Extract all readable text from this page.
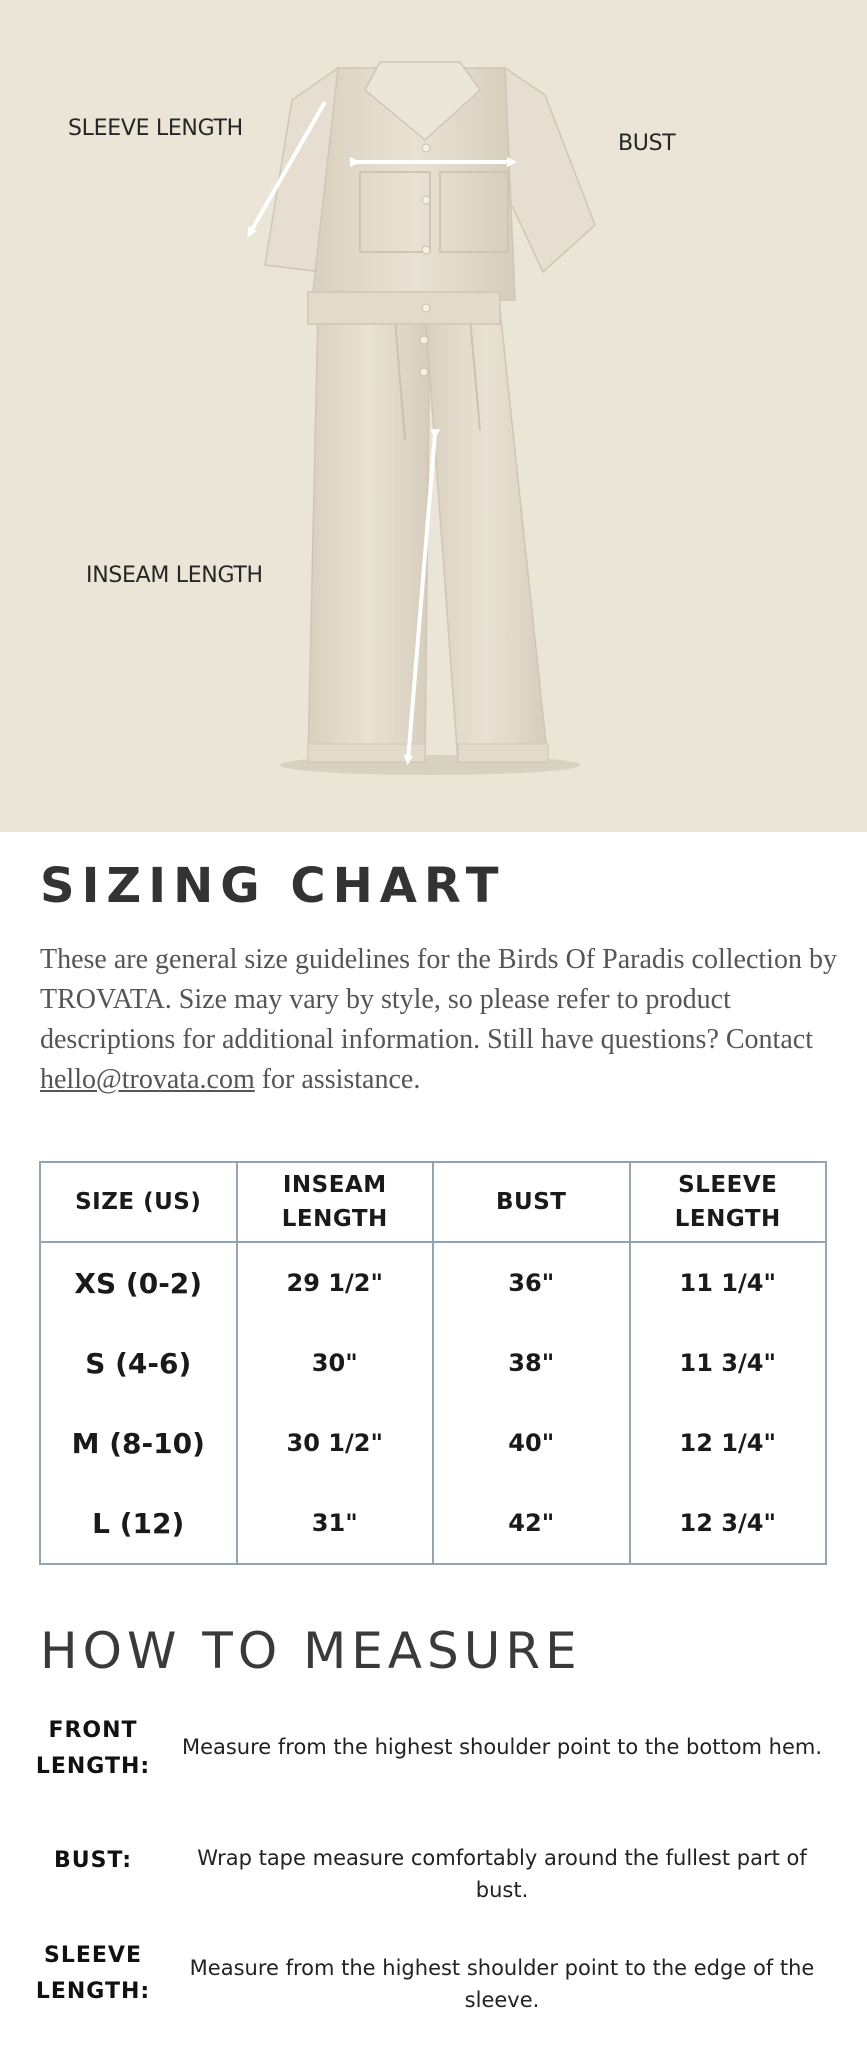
SLEEVE LENGTH
BUST
INSEAM LENGTH
SIZING CHART

These are general size guidelines for the Birds Of Paradis collection by TROVATA. Size may vary by style, so please refer to product descriptions for additional information. Still have questions? Contact hello@trovata.com for assistance.

SIZE (US)	INSEAM LENGTH	BUST	SLEEVE LENGTH
XS (0-2)	29 1/2"	36"	11 1/4"
S (4-6)	30"	38"	11 3/4"
M (8-10)	30 1/2"	40"	12 1/4"
L (12)	31"	42"	12 3/4"
HOW TO MEASURE
FRONT LENGTH:
Measure from the highest shoulder point to the bottom hem.
BUST:	Wrap tape measure comfortably around the fullest part of bust.
SLEEVE LENGTH:
Measure from the highest shoulder point to the edge of the sleeve.
